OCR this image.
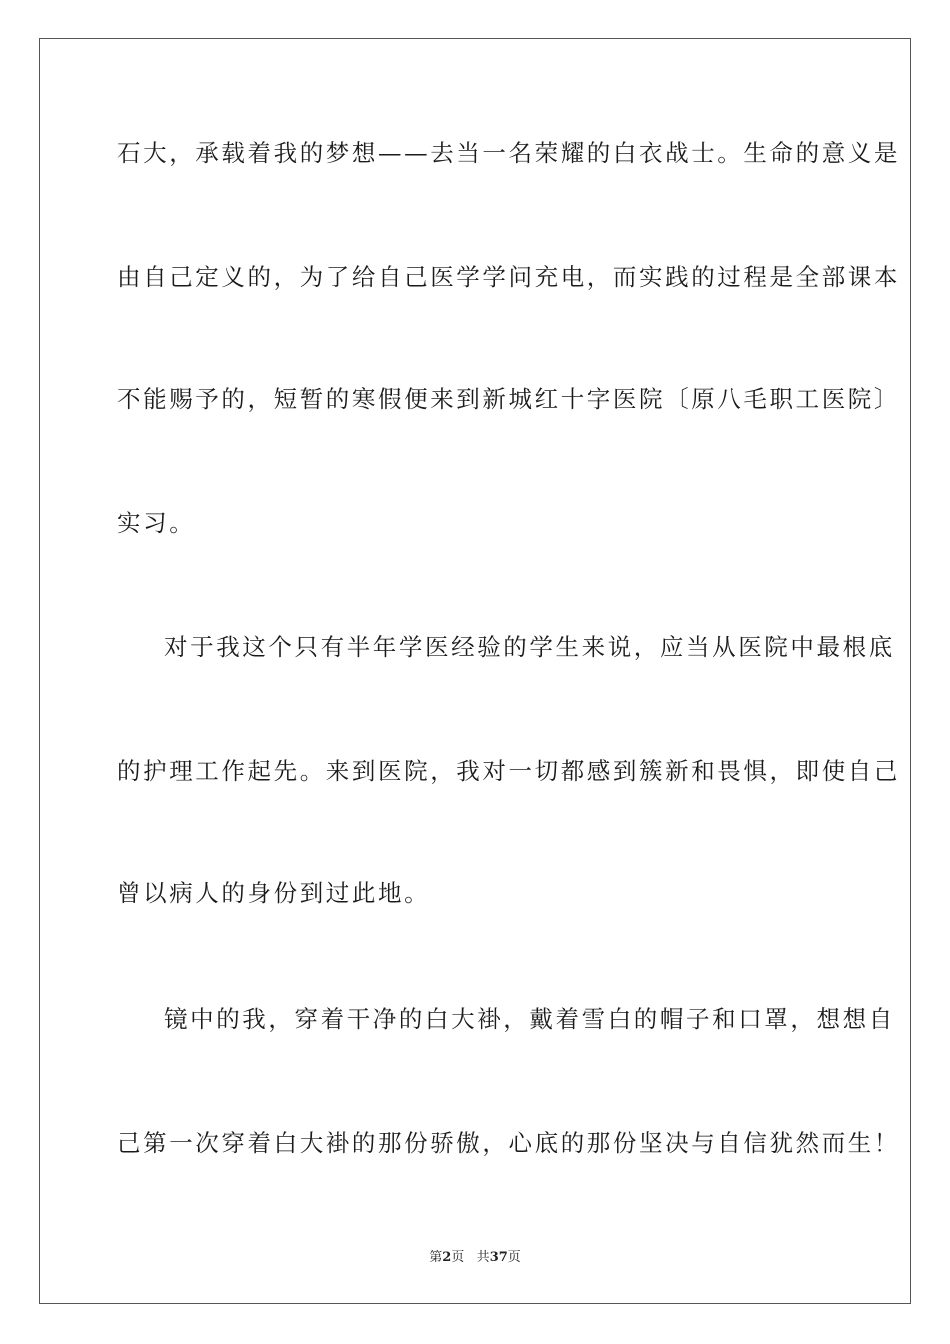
石大，承载着我的梦想——去当一名荣耀的白衣战士。生命的意义是

由自己定义的，为了给自己医学学问充电，而实践的过程是全部课本

不能赐予的，短暂的寒假便来到新城红十字医院〔原八毛职工医院〕

实习。

对于我这个只有半年学医经验的学生来说，应当从医院中最根底

的护理工作起先。来到医院，我对一切都感到簇新和畏惧，即使自己

曾以病人的身份到过此地。

镜中的我，穿着干净的白大褂，戴着雪白的帽子和口罩，想想自

己第一次穿着白大褂的那份骄傲，心底的那份坚决与自信犹然而生！

第2页 共37页
